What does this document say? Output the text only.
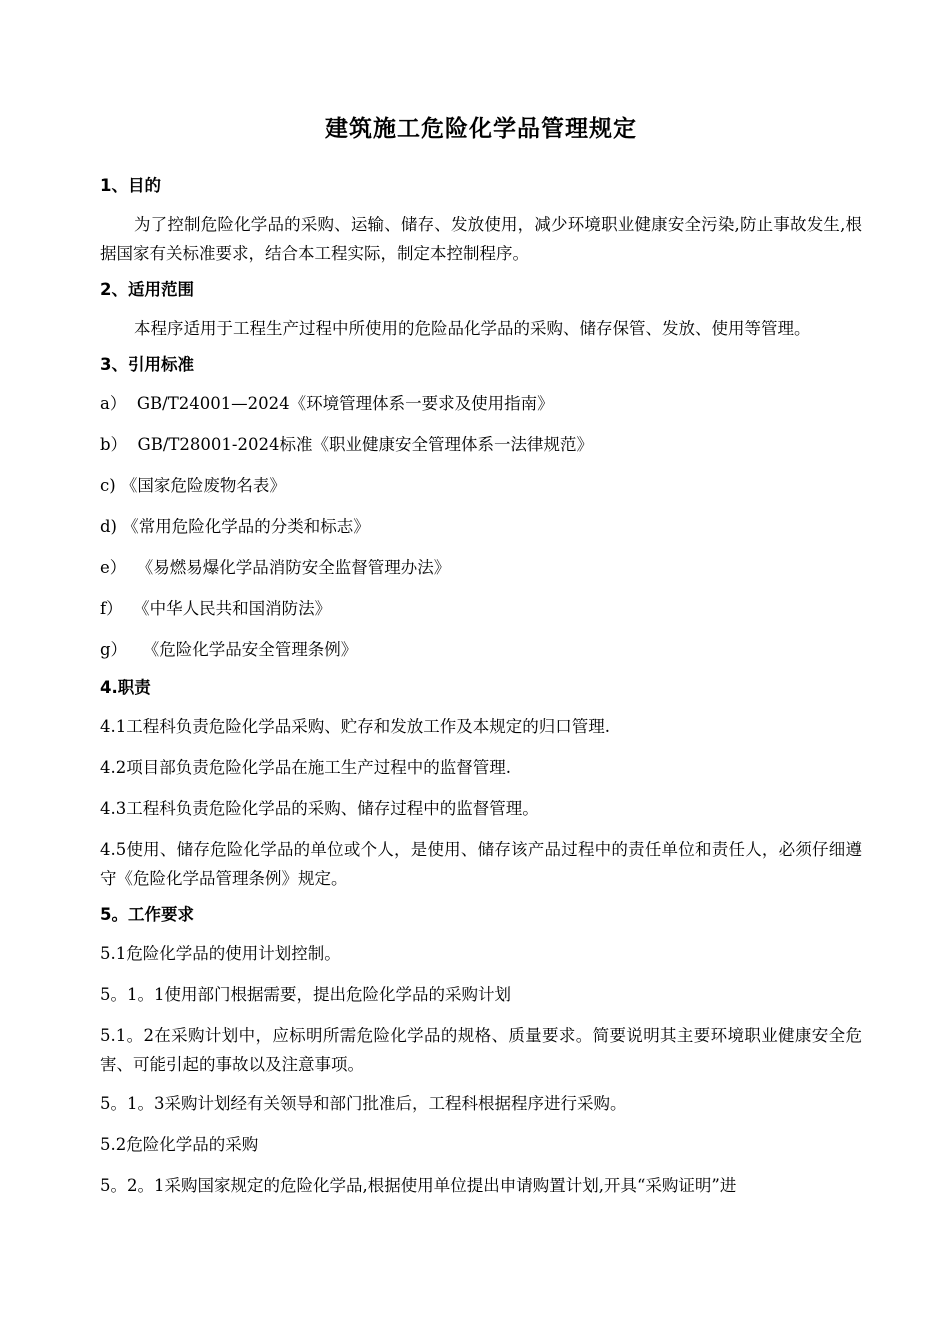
建筑施工危险化学品管理规定
1、目的
为了控制危险化学品的采购、运输、储存、发放使用，减少环境职业健康安全污染,防止事故发生,根据国家有关标准要求，结合本工程实际，制定本控制程序。
2、适用范围
本程序适用于工程生产过程中所使用的危险品化学品的采购、储存保管、发放、使用等管理。
3、引用标准
a）  GB/T24001—2024《环境管理体系一要求及使用指南》
b）  GB/T28001-2024标准《职业健康安全管理体系一法律规范》
c) 《国家危险废物名表》
d) 《常用危险化学品的分类和标志》
e）  《易燃易爆化学品消防安全监督管理办法》
f）  《中华人民共和国消防法》
g）   《危险化学品安全管理条例》
4.职责
4.1工程科负责危险化学品采购、贮存和发放工作及本规定的归口管理.
4.2项目部负责危险化学品在施工生产过程中的监督管理.
4.3工程科负责危险化学品的采购、储存过程中的监督管理。
4.5使用、储存危险化学品的单位或个人，是使用、储存该产品过程中的责任单位和责任人，必须仔细遵守《危险化学品管理条例》规定。
5。工作要求
5.1危险化学品的使用计划控制。
5。1。1使用部门根据需要，提出危险化学品的采购计划
5.1。2在采购计划中，应标明所需危险化学品的规格、质量要求。简要说明其主要环境职业健康安全危害、可能引起的事故以及注意事项。
5。1。3采购计划经有关领导和部门批准后，工程科根据程序进行采购。
5.2危险化学品的采购
5。2。1采购国家规定的危险化学品,根据使用单位提出申请购置计划,开具“采购证明”进
